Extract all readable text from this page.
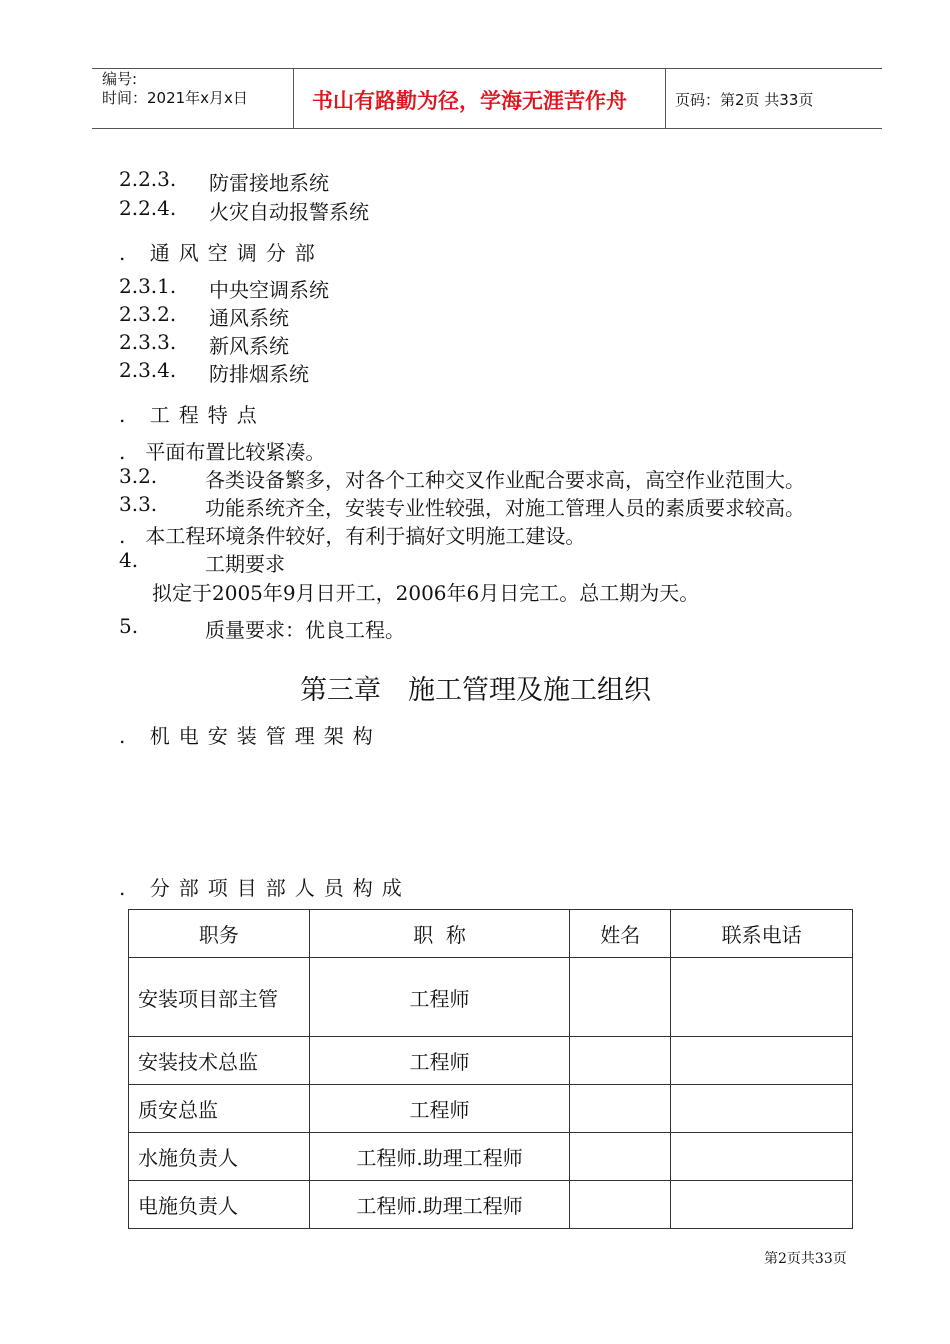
编号:
时间：2021年x月x日	书山有路勤为径，学海无涯苦作舟	页码：第2页 共33页
2.2.3. 防雷接地系统
2.2.4. 火灾自动报警系统
. 通风空调分部
2.3.1. 中央空调系统
2.3.2. 通风系统
2.3.3. 新风系统
2.3.4. 防排烟系统
. 工程特点
.　平面布置比较紧凑。
3.2. 各类设备繁多，对各个工种交叉作业配合要求高，高空作业范围大。
3.3. 功能系统齐全，安装专业性较强，对施工管理人员的素质要求较高。
.　本工程环境条件较好，有利于搞好文明施工建设。
4.	工期要求
拟定于2005年9月日开工，2006年6月日完工。总工期为天。
5.	质量要求：优良工程。
第三章　施工管理及施工组织
. 机电安装管理架构
. 分部项目部人员构成
职务	职  称	姓名	联系电话
安装项目部主管	工程师		
安装技术总监	工程师		
质安总监	工程师		
水施负责人	工程师.助理工程师		
电施负责人	工程师.助理工程师		
第2页共33页
